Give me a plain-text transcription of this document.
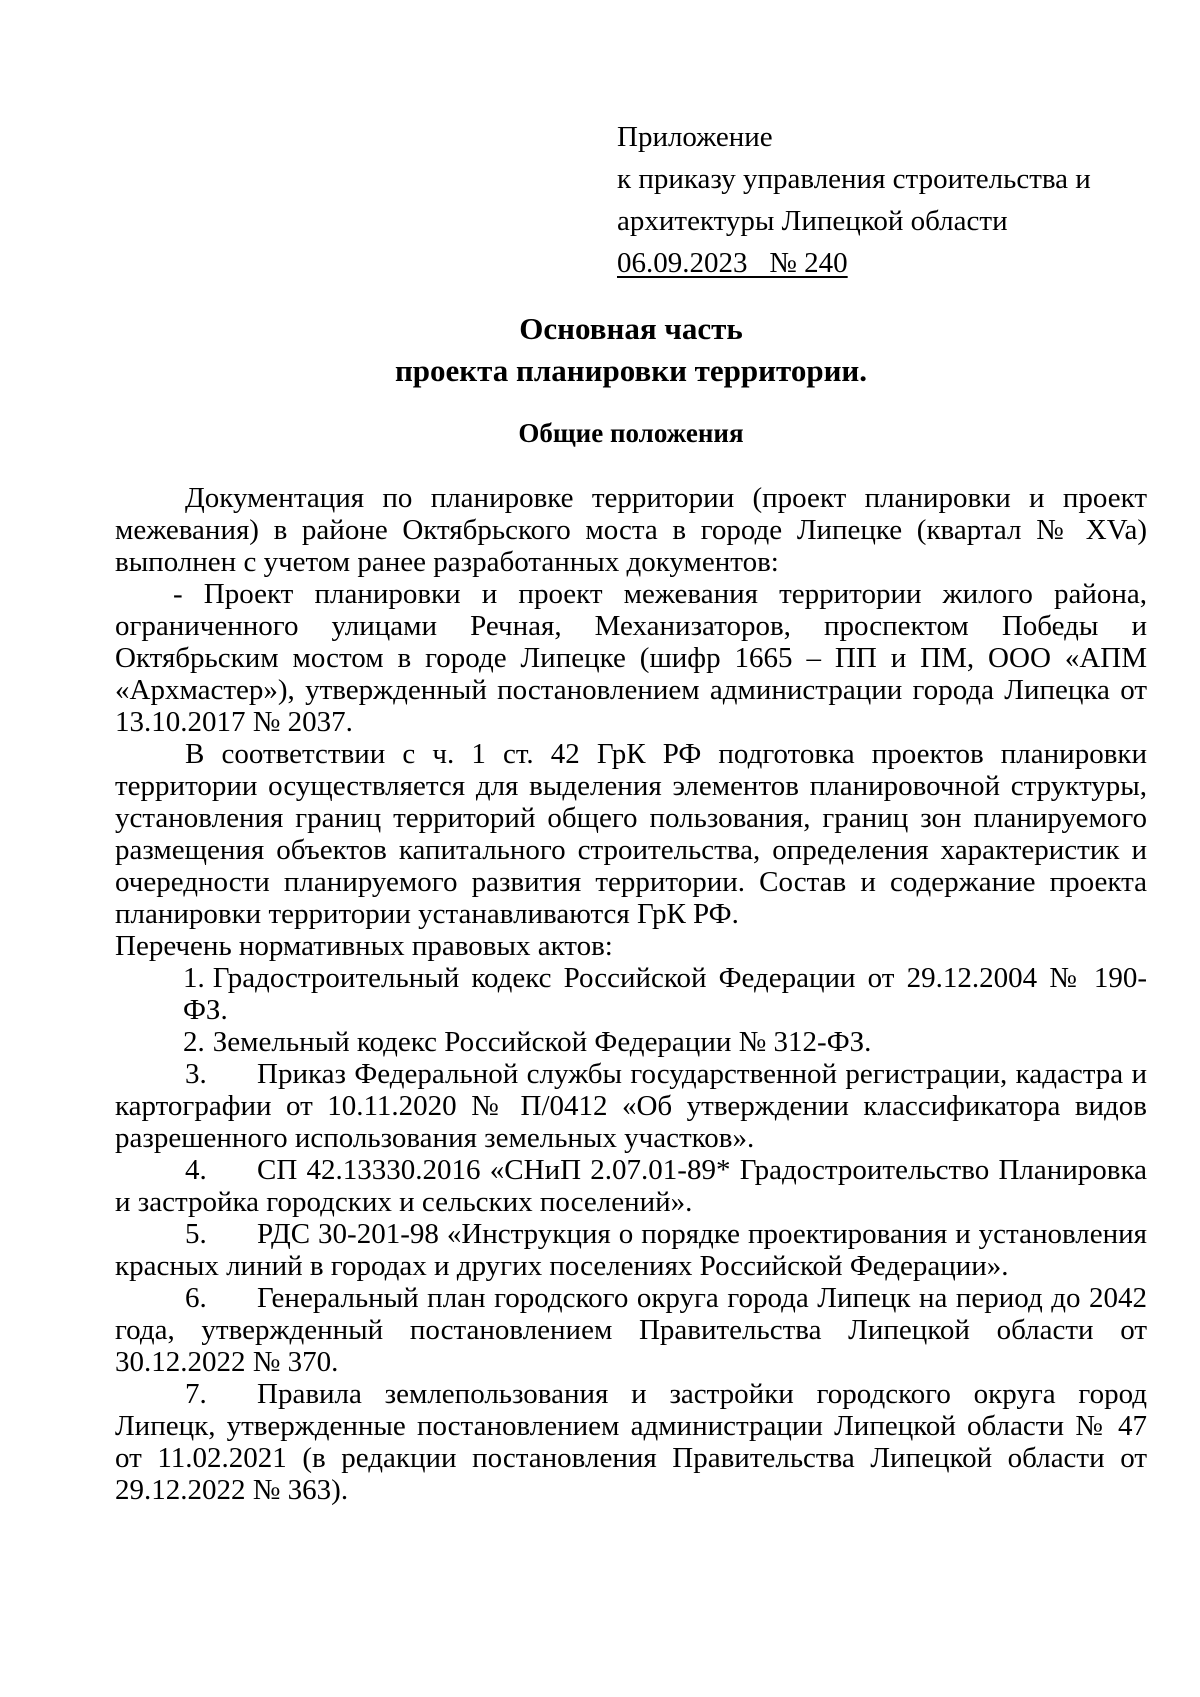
Приложение
к приказу управления строительства и
архитектуры Липецкой области
06.09.2023   № 240
Основная часть
проекта планировки территории.
Общие положения

Документация по планировке территории (проект планировки и проект межевания) в районе Октябрьского моста в городе Липецке (квартал № XVa) выполнен с учетом ранее разработанных документов:

- Проект планировки и проект межевания территории жилого района, ограниченного улицами Речная, Механизаторов, проспектом Победы и Октябрьским мостом в городе Липецке (шифр 1665 – ПП и ПМ, ООО «АПМ «Архмастер»), утвержденный постановлением администрации города Липецка от 13.10.2017 № 2037.

В соответствии с ч. 1 ст. 42 ГрК РФ подготовка проектов планировки территории осуществляется для выделения элементов планировочной структуры, установления границ территорий общего пользования, границ зон планируемого размещения объектов капитального строительства, определения характеристик и очередности планируемого развития территории. Состав и содержание проекта планировки территории устанавливаются ГрК РФ.

Перечень нормативных правовых актов:

1. Градостроительный кодекс Российской Федерации от 29.12.2004 № 190-ФЗ.

2. Земельный кодекс Российской Федерации № 312-ФЗ.

3. Приказ Федеральной службы государственной регистрации, кадастра и картографии от 10.11.2020 № П/0412 «Об утверждении классификатора видов разрешенного использования земельных участков».

4. СП 42.13330.2016 «СНиП 2.07.01-89* Градостроительство Планировка и застройка городских и сельских поселений».

5. РДС 30-201-98 «Инструкция о порядке проектирования и установления красных линий в городах и других поселениях Российской Федерации».

6. Генеральный план городского округа города Липецк на период до 2042 года, утвержденный постановлением Правительства Липецкой области от 30.12.2022 № 370.

7. Правила землепользования и застройки городского округа город Липецк, утвержденные постановлением администрации Липецкой области № 47 от 11.02.2021 (в редакции постановления Правительства Липецкой области от 29.12.2022 № 363).
